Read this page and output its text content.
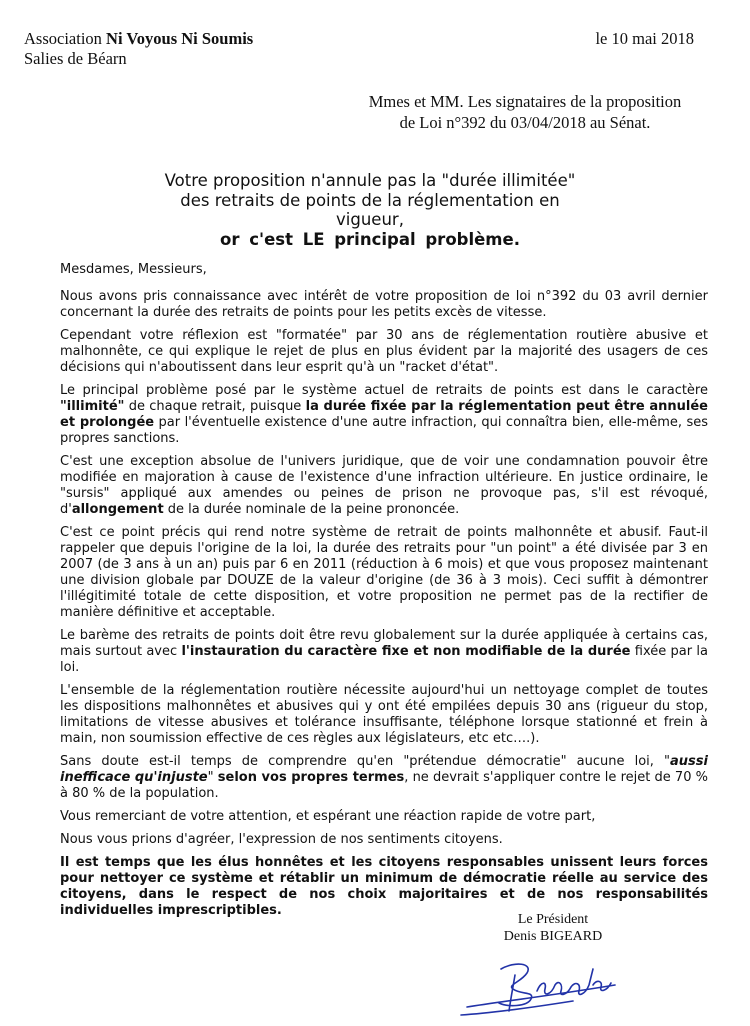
Association Ni Voyous Ni Soumis
Salies de Béarn
le 10 mai 2018
Mmes et MM. Les signataires de la proposition
de Loi n°392 du 03/04/2018 au Sénat.
Votre proposition n'annule pas la "durée illimitée"
des retraits de points de la réglementation en vigueur,
or c'est LE principal problème.

Mesdames, Messieurs,

Nous avons pris connaissance avec intérêt de votre proposition de loi n°392 du 03 avril dernier concernant la durée des retraits de points pour les petits excès de vitesse.

Cependant votre réflexion est "formatée" par 30 ans de réglementation routière abusive et malhonnête, ce qui explique le rejet de plus en plus évident par la majorité des usagers de ces décisions qui n'aboutissent dans leur esprit qu'à un "racket d'état".

Le principal problème posé par le système actuel de retraits de points est dans le caractère "illimité" de chaque retrait, puisque la durée fixée par la réglementation peut être annulée et prolongée par l'éventuelle existence d'une autre infraction, qui connaîtra bien, elle-même, ses propres sanctions.

C'est une exception absolue de l'univers juridique, que de voir une condamnation pouvoir être modifiée en majoration à cause de l'existence d'une infraction ultérieure. En justice ordinaire, le "sursis" appliqué aux amendes ou peines de prison ne provoque pas, s'il est révoqué, d'allongement de la durée nominale de la peine prononcée.

C'est ce point précis qui rend notre système de retrait de points malhonnête et abusif. Faut-il rappeler que depuis l'origine de la loi, la durée des retraits pour "un point" a été divisée par 3 en 2007 (de 3 ans à un an) puis par 6 en 2011 (réduction à 6 mois) et que vous proposez maintenant une division globale par DOUZE de la valeur d'origine (de 36 à 3 mois). Ceci suffit à démontrer l'illégitimité totale de cette disposition, et votre proposition ne permet pas de la rectifier de manière définitive et acceptable.

Le barème des retraits de points doit être revu globalement sur la durée appliquée à certains cas, mais surtout avec l'instauration du caractère fixe et non modifiable de la durée fixée par la loi.

L'ensemble de la réglementation routière nécessite aujourd'hui un nettoyage complet de toutes les dispositions malhonnêtes et abusives qui y ont été empilées depuis 30 ans (rigueur du stop, limitations de vitesse abusives et tolérance insuffisante, téléphone lorsque stationné et frein à main, non soumission effective de ces règles aux législateurs, etc etc….).

Sans doute est-il temps de comprendre qu'en "prétendue démocratie" aucune loi, "aussi inefficace qu'injuste" selon vos propres termes, ne devrait s'appliquer contre le rejet de 70 % à 80 % de la population.

Vous remerciant de votre attention, et espérant une réaction rapide de votre part,

Nous vous prions d'agréer, l'expression de nos sentiments citoyens.

Il est temps que les élus honnêtes et les citoyens responsables unissent leurs forces pour nettoyer ce système et rétablir un minimum de démocratie réelle au service des citoyens, dans le respect de nos choix majoritaires et de nos responsabilités individuelles imprescriptibles.

Le Président
Denis BIGEARD
